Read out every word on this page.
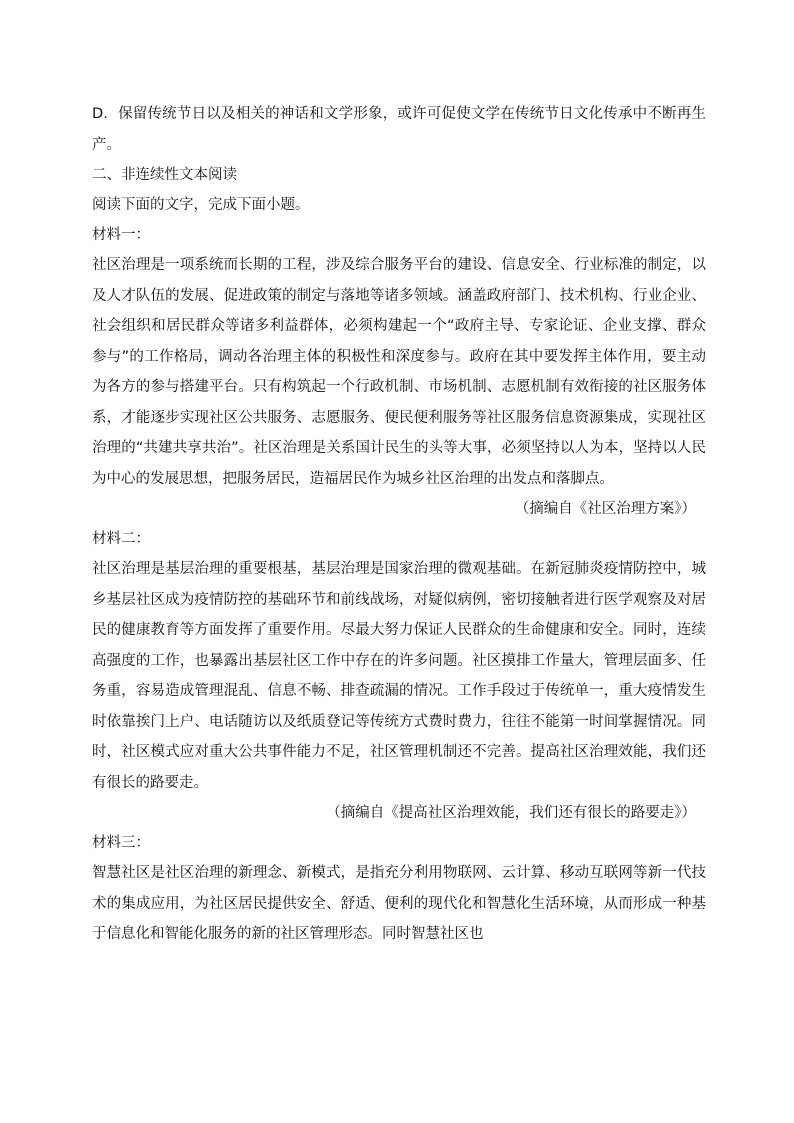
D．保留传统节日以及相关的神话和文学形象，或许可促使文学在传统节日文化传承中不断再生产。

二、非连续性文本阅读

阅读下面的文字，完成下面小题。

材料一：

社区治理是一项系统而长期的工程，涉及综合服务平台的建设、信息安全、行业标准的制定，以及人才队伍的发展、促进政策的制定与落地等诸多领域。涵盖政府部门、技术机构、行业企业、社会组织和居民群众等诸多利益群体，必须构建起一个“政府主导、专家论证、企业支撑、群众参与”的工作格局，调动各治理主体的积极性和深度参与。政府在其中要发挥主体作用，要主动为各方的参与搭建平台。只有构筑起一个行政机制、市场机制、志愿机制有效衔接的社区服务体系，才能逐步实现社区公共服务、志愿服务、便民便利服务等社区服务信息资源集成，实现社区治理的“共建共享共治”。社区治理是关系国计民生的头等大事，必须坚持以人为本，坚持以人民为中心的发展思想，把服务居民，造福居民作为城乡社区治理的出发点和落脚点。

（摘编自《社区治理方案》）

材料二：

社区治理是基层治理的重要根基，基层治理是国家治理的微观基础。在新冠肺炎疫情防控中，城乡基层社区成为疫情防控的基础环节和前线战场，对疑似病例，密切接触者进行医学观察及对居民的健康教育等方面发挥了重要作用。尽最大努力保证人民群众的生命健康和安全。同时，连续高强度的工作，也暴露出基层社区工作中存在的许多问题。社区摸排工作量大，管理层面多、任务重，容易造成管理混乱、信息不畅、排查疏漏的情况。工作手段过于传统单一，重大疫情发生时依靠挨门上户、电话随访以及纸质登记等传统方式费时费力，往往不能第一时间掌握情况。同时，社区模式应对重大公共事件能力不足，社区管理机制还不完善。提高社区治理效能，我们还有很长的路要走。

（摘编自《提高社区治理效能，我们还有很长的路要走》）

材料三：

智慧社区是社区治理的新理念、新模式，是指充分利用物联网、云计算、移动互联网等新一代技术的集成应用，为社区居民提供安全、舒适、便利的现代化和智慧化生活环境，从而形成一种基于信息化和智能化服务的新的社区管理形态。同时智慧社区也
